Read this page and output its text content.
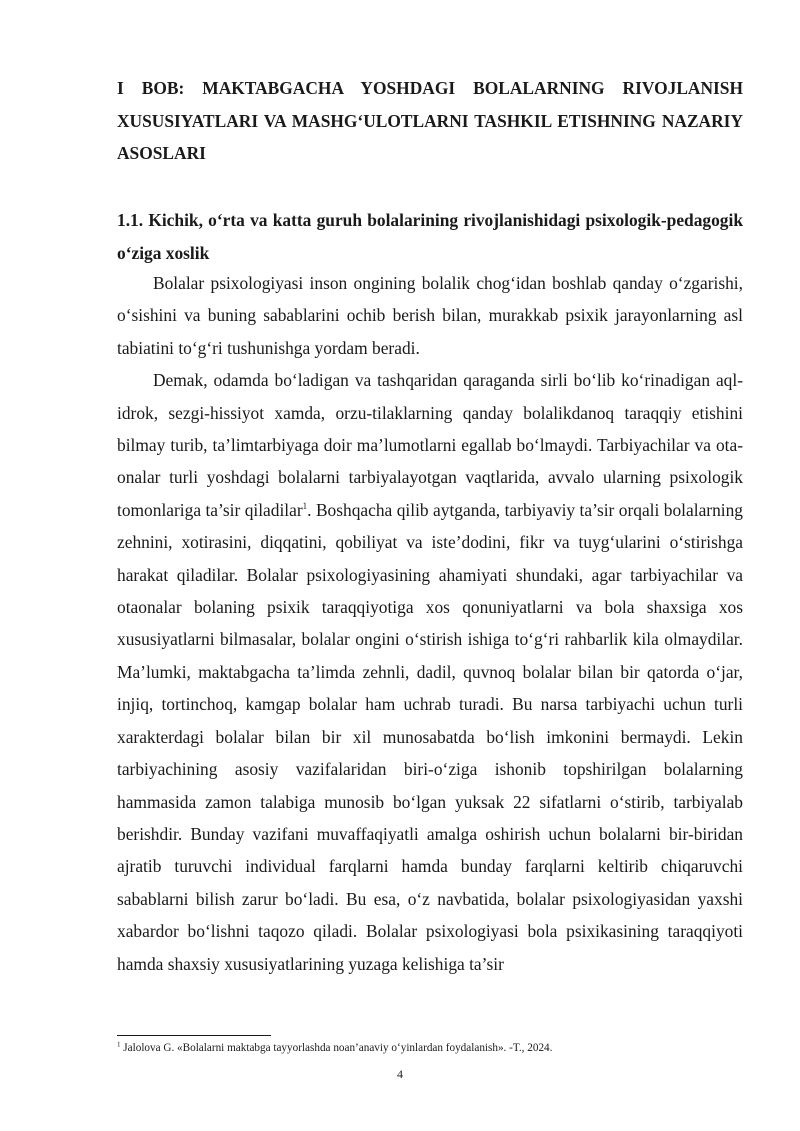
I BOB: MAKTABGACHA YOSHDAGI BOLALARNING RIVOJLANISH XUSUSIYATLARI VA MASHG‘ULOTLARNI TASHKIL ETISHNING NAZARIY ASOSLARI
1.1. Kichik, o‘rta va katta guruh bolalarining rivojlanishidagi psixologik-pedagogik o‘ziga xoslik

Bolalar psixologiyasi inson ongining bolalik chog‘idan boshlab qanday o‘zgarishi, o‘sishini va buning sabablarini ochib berish bilan, murakkab psixik jarayonlarning asl tabiatini to‘g‘ri tushunishga yordam beradi.

Demak, odamda bo‘ladigan va tashqaridan qaraganda sirli bo‘lib ko‘rinadigan aql-idrok, sezgi-hissiyot xamda, orzu-tilaklarning qanday bolalikdanoq taraqqiy etishini bilmay turib, ta’limtarbiyaga doir ma’lumotlarni egallab bo‘lmaydi. Tarbiyachilar va ota-onalar turli yoshdagi bolalarni tarbiyalayotgan vaqtlarida, avvalo ularning psixologik tomonlariga ta’sir qiladilar$^1$. Boshqacha qilib aytganda, tarbiyaviy ta’sir orqali bolalarning zehnini, xotirasini, diqqatini, qobiliyat va iste’dodini, fikr va tuyg‘ularini o‘stirishga harakat qiladilar. Bolalar psixologiyasining ahamiyati shundaki, agar tarbiyachilar va otaonalar bolaning psixik taraqqiyotiga xos qonuniyatlarni va bola shaxsiga xos xususiyatlarni bilmasalar, bolalar ongini o‘stirish ishiga to‘g‘ri rahbarlik kila olmaydilar. Ma’lumki, maktabgacha ta’limda zehnli, dadil, quvnoq bolalar bilan bir qatorda o‘jar, injiq, tortinchoq, kamgap bolalar ham uchrab turadi. Bu narsa tarbiyachi uchun turli xarakterdagi bolalar bilan bir xil munosabatda bo‘lish imkonini bermaydi. Lekin tarbiyachining asosiy vazifalaridan biri-o‘ziga ishonib topshirilgan bolalarning hammasida zamon talabiga munosib bo‘lgan yuksak 22 sifatlarni o‘stirib, tarbiyalab berishdir. Bunday vazifani muvaffaqiyatli amalga oshirish uchun bolalarni bir-biridan ajratib turuvchi individual farqlarni hamda bunday farqlarni keltirib chiqaruvchi sabablarni bilish zarur bo‘ladi. Bu esa, o‘z navbatida, bolalar psixologiyasidan yaxshi xabardor bo‘lishni taqozo qiladi. Bolalar psixologiyasi bola psixikasining taraqqiyoti hamda shaxsiy xususiyatlarining yuzaga kelishiga ta’sir

$^1$ Jalolova G. «Bolalarni maktabga tayyorlashda noan’anaviy o‘yinlardan foydalanish». -T., 2024.
4
